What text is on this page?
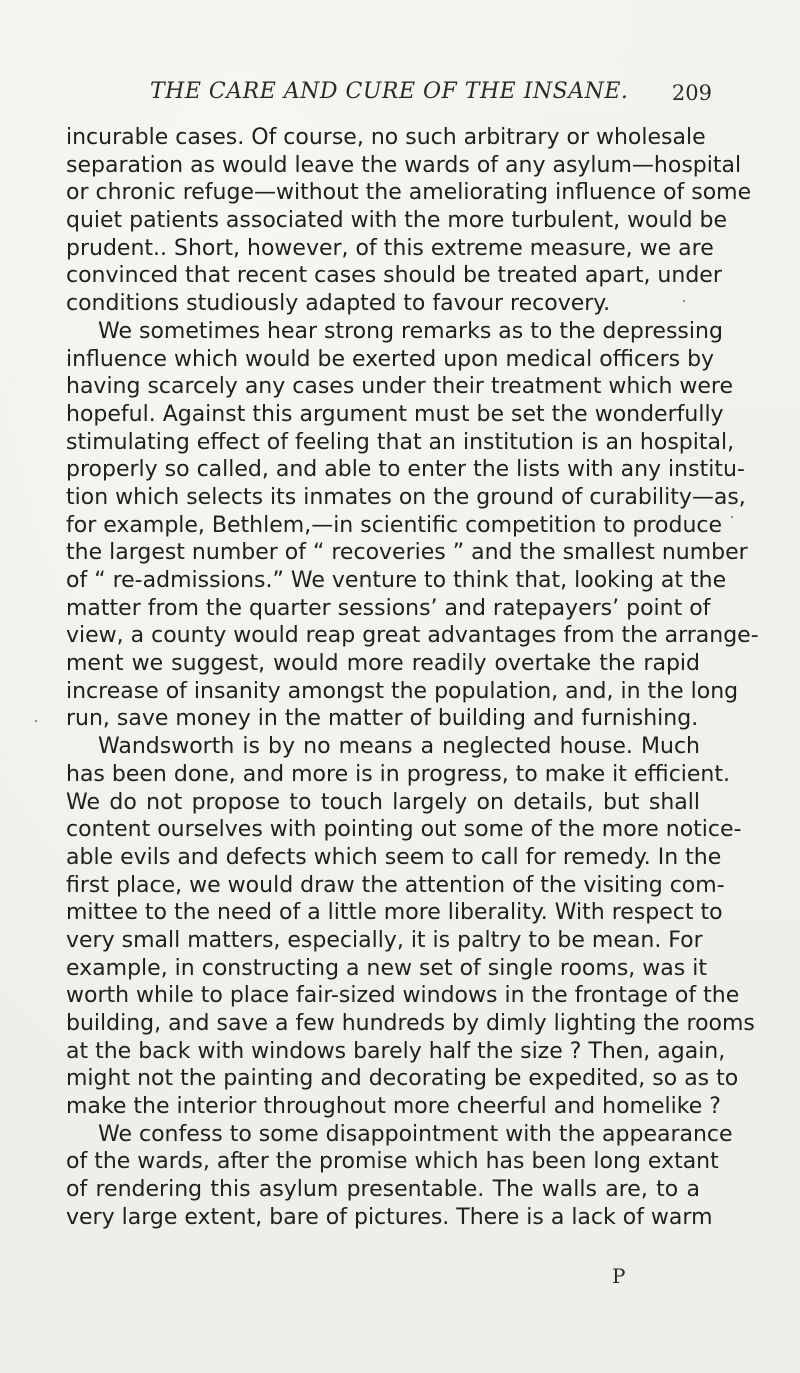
THE CARE AND CURE OF THE INSANE. 209
incurable cases. Of course, no such arbitrary or wholesale
separation as would leave the wards of any asylum—hospital
or chronic refuge—without the ameliorating influence of some
quiet patients associated with the more turbulent, would be
prudent.. Short, however, of this extreme measure, we are
convinced that recent cases should be treated apart, under
conditions studiously adapted to favour recovery.
We sometimes hear strong remarks as to the depressing
influence which would be exerted upon medical officers by
having scarcely any cases under their treatment which were
hopeful. Against this argument must be set the wonderfully
stimulating effect of feeling that an institution is an hospital,
properly so called, and able to enter the lists with any institu-
tion which selects its inmates on the ground of curability—as,
for example, Bethlem,—in scientific competition to produce
the largest number of “ recoveries ” and the smallest number
of “ re-admissions.” We venture to think that, looking at the
matter from the quarter sessions’ and ratepayers’ point of
view, a county would reap great advantages from the arrange-
ment we suggest, would more readily overtake the rapid
increase of insanity amongst the population, and, in the long
run, save money in the matter of building and furnishing.
Wandsworth is by no means a neglected house. Much
has been done, and more is in progress, to make it efficient.
We do not propose to touch largely on details, but shall
content ourselves with pointing out some of the more notice-
able evils and defects which seem to call for remedy. In the
first place, we would draw the attention of the visiting com-
mittee to the need of a little more liberality. With respect to
very small matters, especially, it is paltry to be mean. For
example, in constructing a new set of single rooms, was it
worth while to place fair-sized windows in the frontage of the
building, and save a few hundreds by dimly lighting the rooms
at the back with windows barely half the size ? Then, again,
might not the painting and decorating be expedited, so as to
make the interior throughout more cheerful and homelike ?
We confess to some disappointment with the appearance
of the wards, after the promise which has been long extant
of rendering this asylum presentable. The walls are, to a
very large extent, bare of pictures. There is a lack of warm
P
